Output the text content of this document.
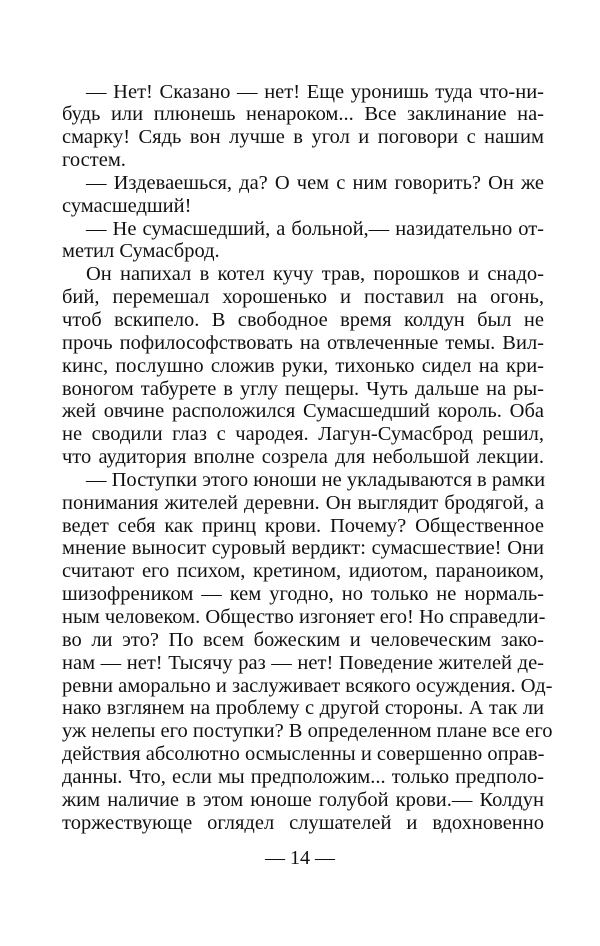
— Нет! Сказано — нет! Еще уронишь туда что-ни-
будь или плюнешь ненароком... Все заклинание на-
смарку! Сядь вон лучше в угол и поговори с нашим
гостем.
— Издеваешься, да? О чем с ним говорить? Он же
сумасшедший!
— Не сумасшедший, а больной,— назидательно от-
метил Сумасброд.
Он напихал в котел кучу трав, порошков и снадо-
бий, перемешал хорошенько и поставил на огонь,
чтоб вскипело. В свободное время колдун был не
прочь пофилософствовать на отвлеченные темы. Вил-
кинс, послушно сложив руки, тихонько сидел на кри-
воногом табурете в углу пещеры. Чуть дальше на ры-
жей овчине расположился Сумасшедший король. Оба
не сводили глаз с чародея. Лагун-Сумасброд решил,
что аудитория вполне созрела для небольшой лекции.
— Поступки этого юноши не укладываются в рамки
понимания жителей деревни. Он выглядит бродягой, а
ведет себя как принц крови. Почему? Общественное
мнение выносит суровый вердикт: сумасшествие! Они
считают его психом, кретином, идиотом, параноиком,
шизофреником — кем угодно, но только не нормаль-
ным человеком. Общество изгоняет его! Но справедли-
во ли это? По всем божеским и человеческим зако-
нам — нет! Тысячу раз — нет! Поведение жителей де-
ревни аморально и заслуживает всякого осуждения. Од-
нако взглянем на проблему с другой стороны. А так ли
уж нелепы его поступки? В определенном плане все его
действия абсолютно осмысленны и совершенно оправ-
данны. Что, если мы предположим... только предполо-
жим наличие в этом юноше голубой крови.— Колдун
торжествующе оглядел слушателей и вдохновенно
— 14 —
